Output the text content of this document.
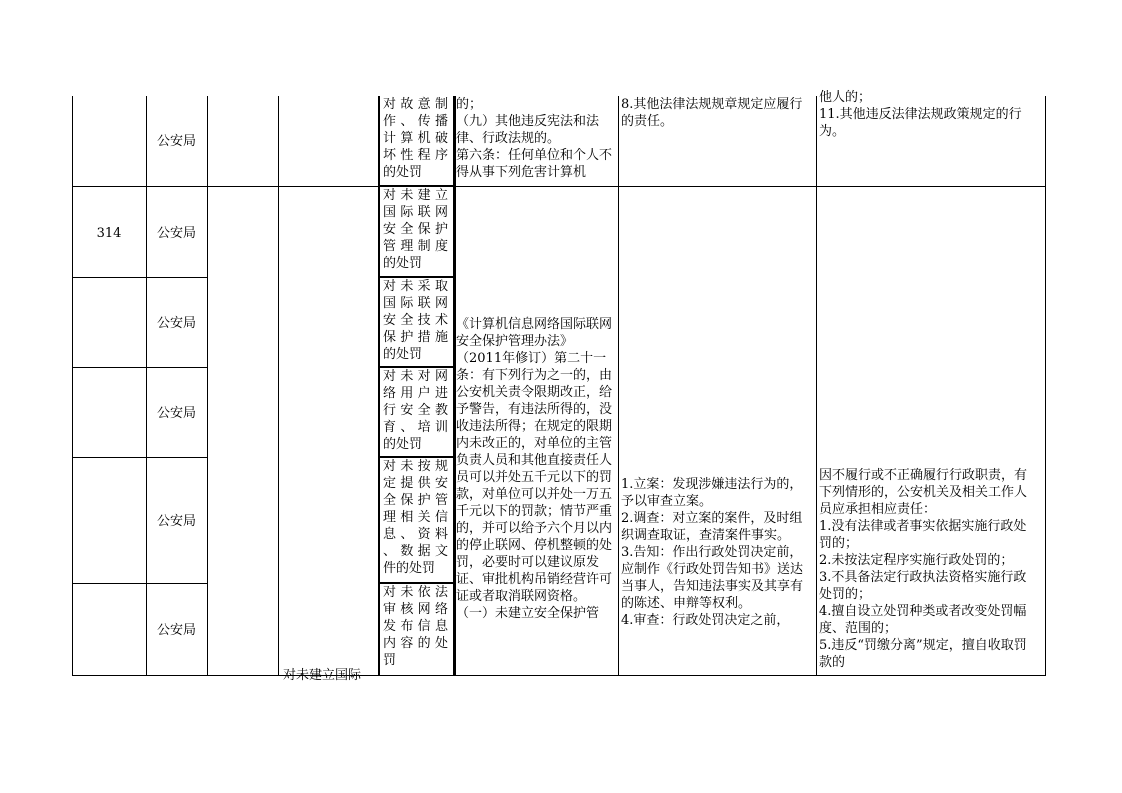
314
公安局
公安局
公安局
公安局
公安局
公安局
对未建立国际
对故意制
作、传播
计算机破
坏性程序
的处罚
对未建立
国际联网
安全保护
管理制度
的处罚
对未采取
国际联网
安全技术
保护措施
的处罚
对未对网
络用户进
行安全教
育、培训
的处罚
对未按规
定提供安
全保护管
理相关信
息、资料
、数据文
件的处罚
对未依法
审核网络
发布信息
内容的处
罚
的；
（九）其他违反宪法和法律、行政法规的。
第六条：任何单位和个人不得从事下列危害计算机
《计算机信息网络国际联网安全保护管理办法》
（2011年修订）第二十一条：有下列行为之一的，由公安机关责令限期改正，给予警告，有违法所得的，没收违法所得；在规定的限期内未改正的，对单位的主管负责人员和其他直接责任人员可以并处五千元以下的罚款，对单位可以并处一万五千元以下的罚款；情节严重的，并可以给予六个月以内的停止联网、停机整顿的处罚，必要时可以建议原发证、审批机构吊销经营许可证或者取消联网资格。
（一）未建立安全保护管
8.其他法律法规规章规定应履行的责任。
1.立案：发现涉嫌违法行为的，予以审查立案。
2.调查：对立案的案件，及时组织调查取证，查清案件事实。
3.告知：作出行政处罚决定前，应制作《行政处罚告知书》送达当事人，告知违法事实及其享有的陈述、申辩等权利。
4.审查：行政处罚决定之前，
他人的；
11.其他违反法律法规政策规定的行为。
因不履行或不正确履行行政职责，有下列情形的，公安机关及相关工作人员应承担相应责任：
1.没有法律或者事实依据实施行政处罚的；
2.未按法定程序实施行政处罚的；
3.不具备法定行政执法资格实施行政处罚的；
4.擅自设立处罚种类或者改变处罚幅度、范围的；
5.违反“罚缴分离”规定，擅自收取罚款的
